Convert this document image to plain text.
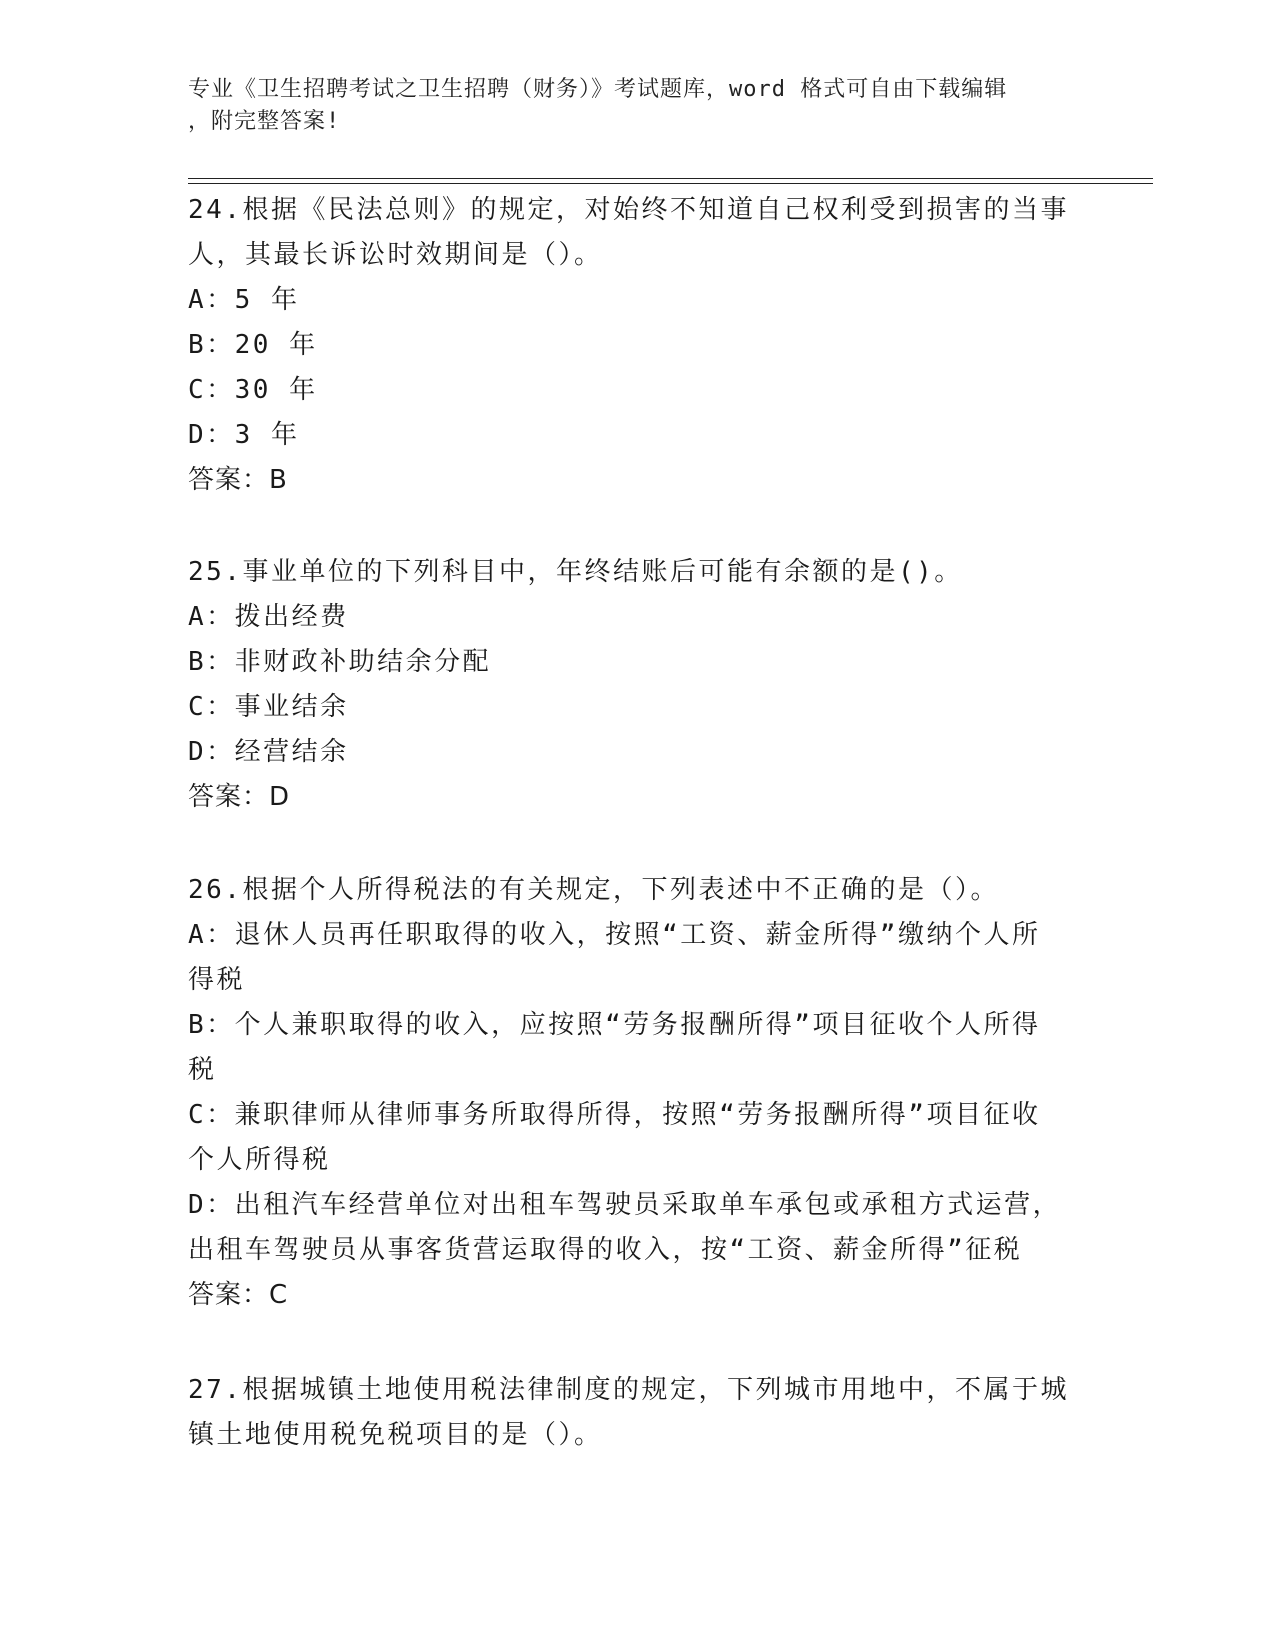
专业《卫生招聘考试之卫生招聘（财务）》考试题库，word 格式可自由下载编辑
，附完整答案!
24.根据《民法总则》的规定，对始终不知道自己权利受到损害的当事
人，其最长诉讼时效期间是（）。
A：5 年
B：20 年
C：30 年
D：3 年
答案：B
25.事业单位的下列科目中，年终结账后可能有余额的是()。
A：拨出经费
B：非财政补助结余分配
C：事业结余
D：经营结余
答案：D
26.根据个人所得税法的有关规定，下列表述中不正确的是（）。
A：退休人员再任职取得的收入，按照“工资、薪金所得”缴纳个人所
得税
B：个人兼职取得的收入，应按照“劳务报酬所得”项目征收个人所得
税
C：兼职律师从律师事务所取得所得，按照“劳务报酬所得”项目征收
个人所得税
D：出租汽车经营单位对出租车驾驶员采取单车承包或承租方式运营，
出租车驾驶员从事客货营运取得的收入，按“工资、薪金所得”征税
答案：C
27.根据城镇土地使用税法律制度的规定，下列城市用地中，不属于城
镇土地使用税免税项目的是（）。
